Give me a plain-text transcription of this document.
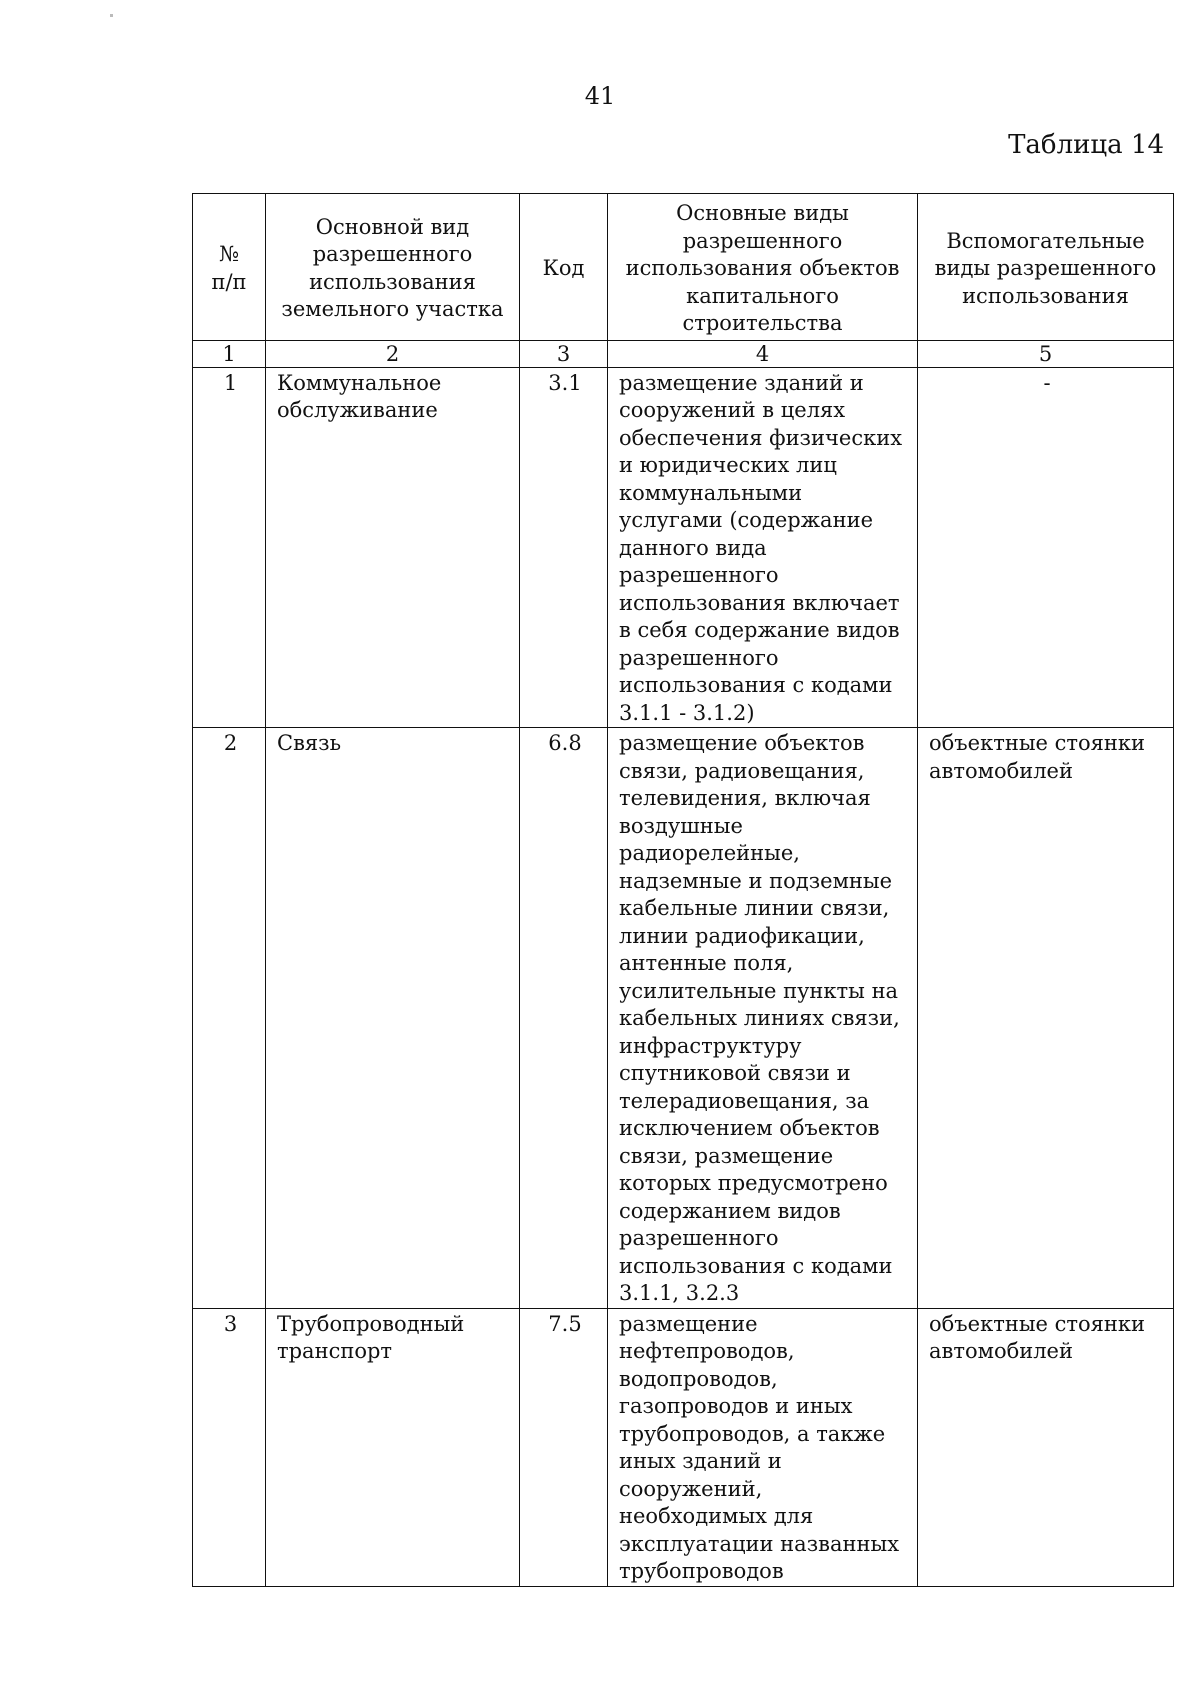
41
Таблица 14
№
п/п	Основной вид разрешенного использования земельного участка	Код	Основные виды разрешенного использования объектов капитального строительства	Вспомогательные виды разрешенного использования
1	2	3	4	5
1	Коммунальное обслуживание	3.1	размещение зданий и сооружений в целях обеспечения физических и юридических лиц коммунальными услугами (содержание данного вида разрешенного использования включает в себя содержание видов разрешенного использования с кодами 3.1.1 - 3.1.2)	-
2	Связь	6.8	размещение объектов связи, радиовещания, телевидения, включая воздушные радиорелейные, надземные и подземные кабельные линии связи, линии радиофикации, антенные поля, усилительные пункты на кабельных линиях связи, инфраструктуру спутниковой связи и телерадиовещания, за исключением объектов связи, размещение которых предусмотрено содержанием видов разрешенного использования с кодами 3.1.1, 3.2.3	объектные стоянки автомобилей
3	Трубопроводный транспорт	7.5	размещение нефтепроводов, водопроводов, газопроводов и иных трубопроводов, а также иных зданий и сооружений, необходимых для эксплуатации названных трубопроводов	объектные стоянки автомобилей
